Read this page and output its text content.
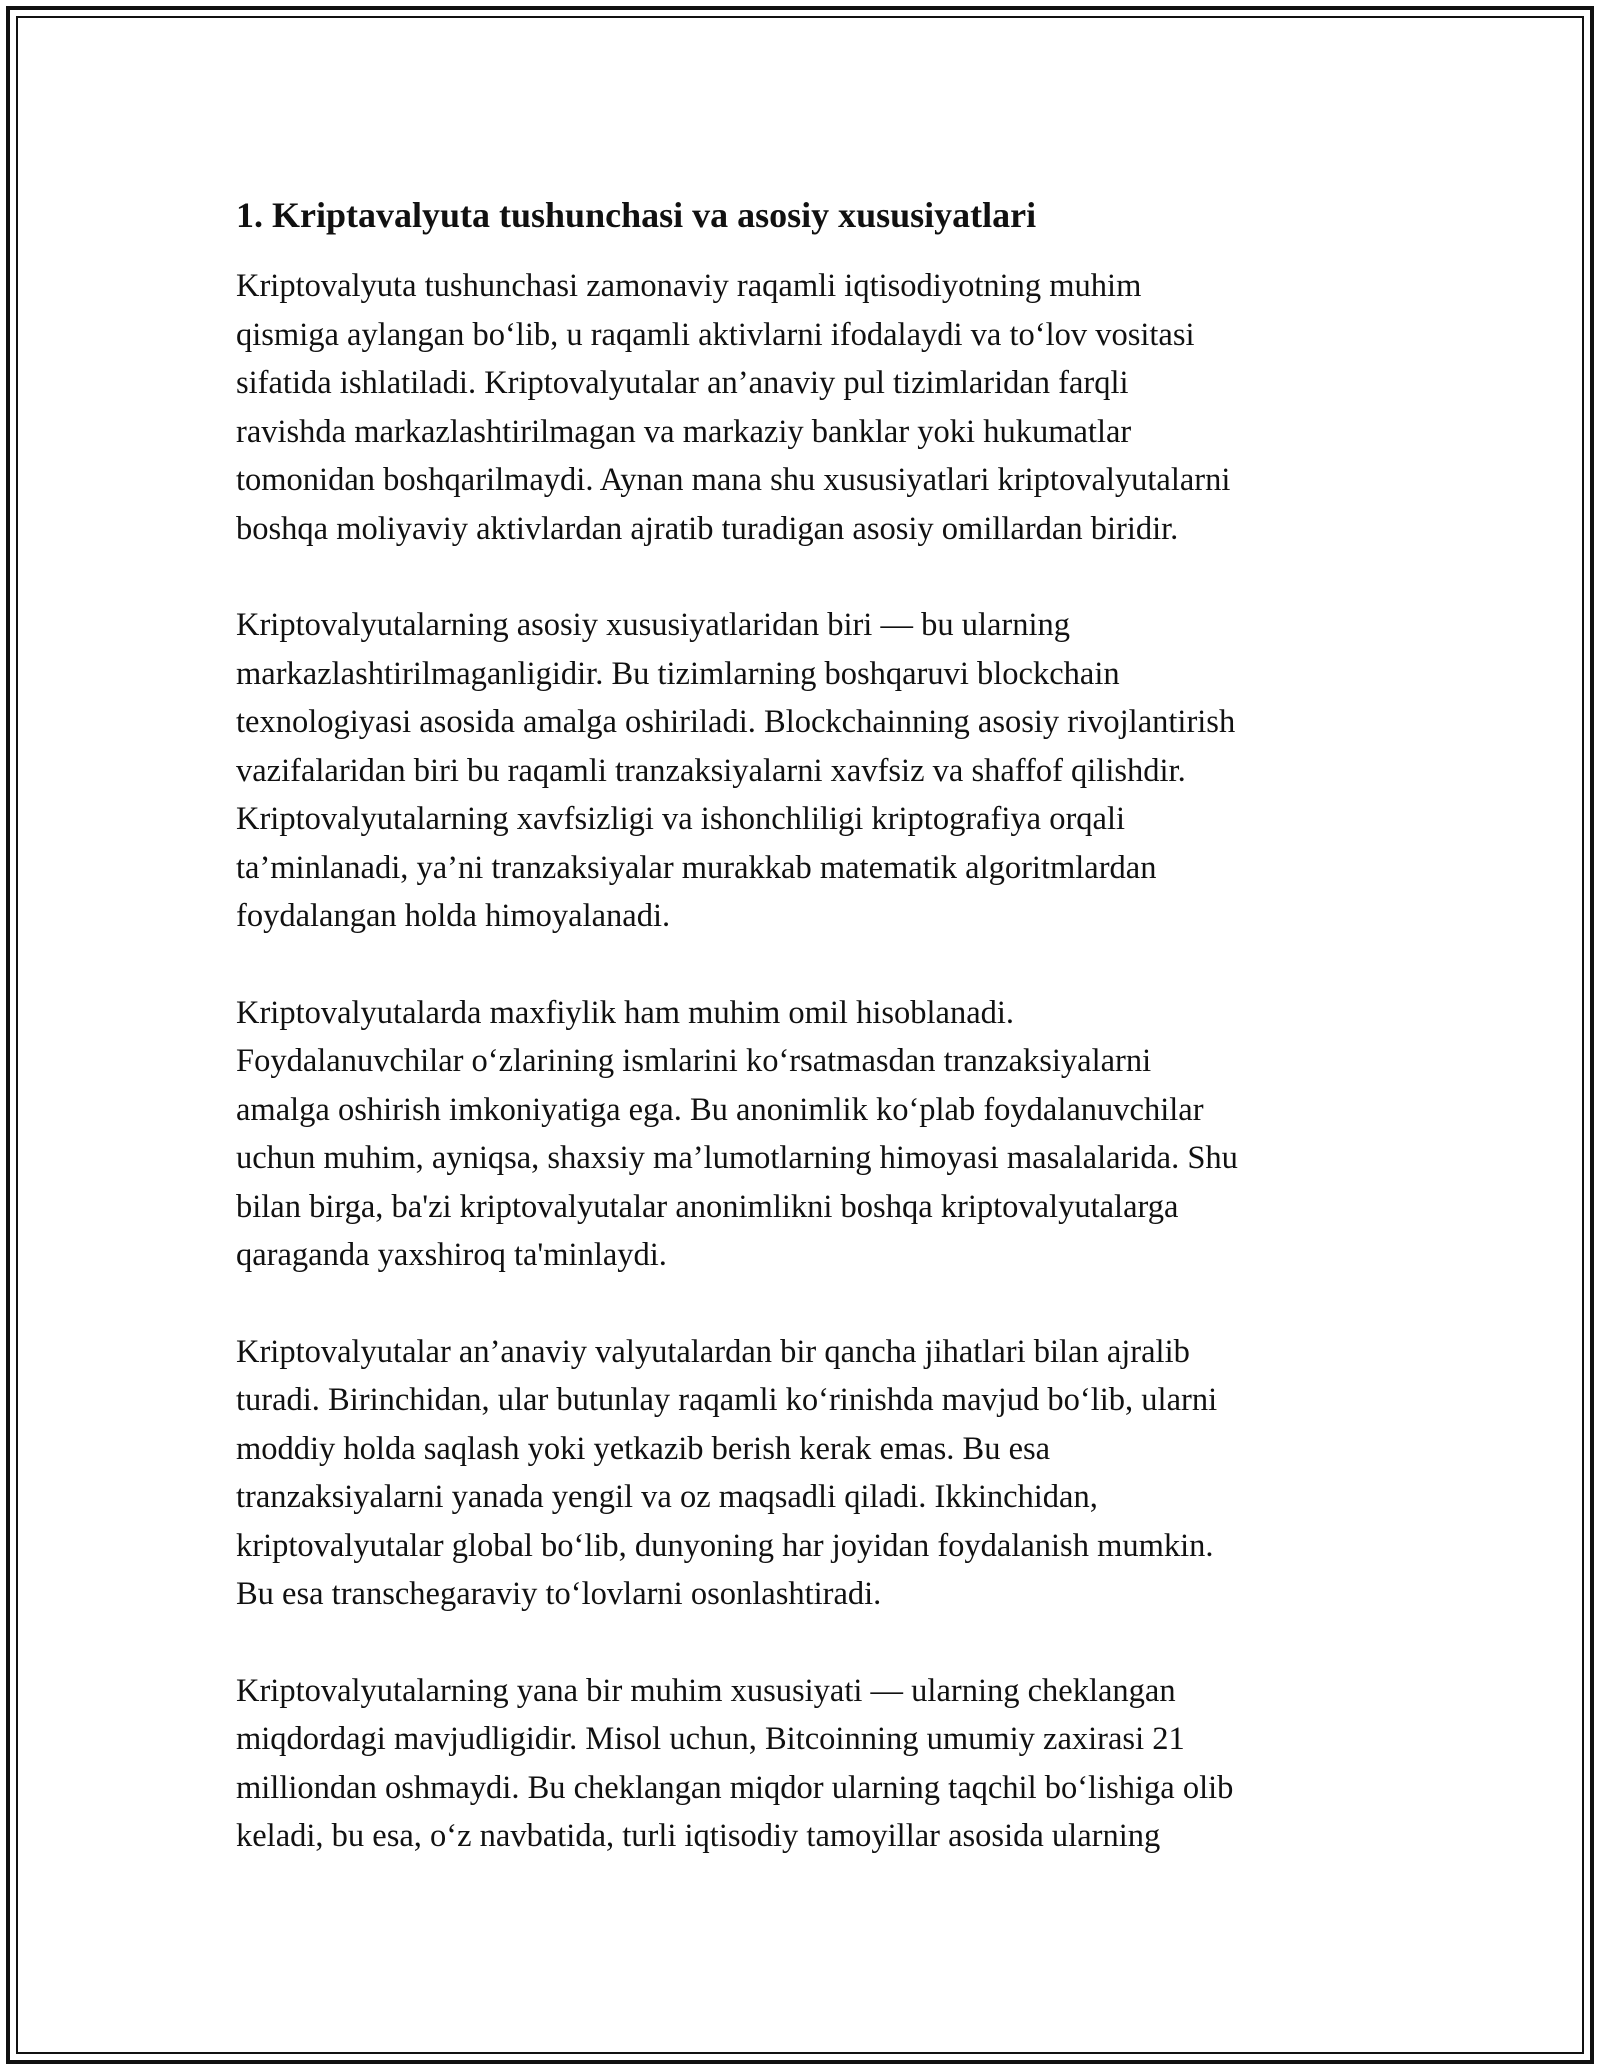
1. Kriptavalyuta tushunchasi va asosiy xususiyatlari

Kriptovalyuta tushunchasi zamonaviy raqamli iqtisodiyotning muhim
qismiga aylangan bo‘lib, u raqamli aktivlarni ifodalaydi va to‘lov vositasi
sifatida ishlatiladi. Kriptovalyutalar an’anaviy pul tizimlaridan farqli
ravishda markazlashtirilmagan va markaziy banklar yoki hukumatlar
tomonidan boshqarilmaydi. Aynan mana shu xususiyatlari kriptovalyutalarni
boshqa moliyaviy aktivlardan ajratib turadigan asosiy omillardan biridir.

Kriptovalyutalarning asosiy xususiyatlaridan biri — bu ularning
markazlashtirilmaganligidir. Bu tizimlarning boshqaruvi blockchain
texnologiyasi asosida amalga oshiriladi. Blockchainning asosiy rivojlantirish
vazifalaridan biri bu raqamli tranzaksiyalarni xavfsiz va shaffof qilishdir.
Kriptovalyutalarning xavfsizligi va ishonchliligi kriptografiya orqali
ta’minlanadi, ya’ni tranzaksiyalar murakkab matematik algoritmlardan
foydalangan holda himoyalanadi.

Kriptovalyutalarda maxfiylik ham muhim omil hisoblanadi.
Foydalanuvchilar o‘zlarining ismlarini ko‘rsatmasdan tranzaksiyalarni
amalga oshirish imkoniyatiga ega. Bu anonimlik ko‘plab foydalanuvchilar
uchun muhim, ayniqsa, shaxsiy ma’lumotlarning himoyasi masalalarida. Shu
bilan birga, ba'zi kriptovalyutalar anonimlikni boshqa kriptovalyutalarga
qaraganda yaxshiroq ta'minlaydi.

Kriptovalyutalar an’anaviy valyutalardan bir qancha jihatlari bilan ajralib
turadi. Birinchidan, ular butunlay raqamli ko‘rinishda mavjud bo‘lib, ularni
moddiy holda saqlash yoki yetkazib berish kerak emas. Bu esa
tranzaksiyalarni yanada yengil va oz maqsadli qiladi. Ikkinchidan,
kriptovalyutalar global bo‘lib, dunyoning har joyidan foydalanish mumkin.
Bu esa transchegaraviy to‘lovlarni osonlashtiradi.

Kriptovalyutalarning yana bir muhim xususiyati — ularning cheklangan
miqdordagi mavjudligidir. Misol uchun, Bitcoinning umumiy zaxirasi 21
milliondan oshmaydi. Bu cheklangan miqdor ularning taqchil bo‘lishiga olib
keladi, bu esa, o‘z navbatida, turli iqtisodiy tamoyillar asosida ularning
